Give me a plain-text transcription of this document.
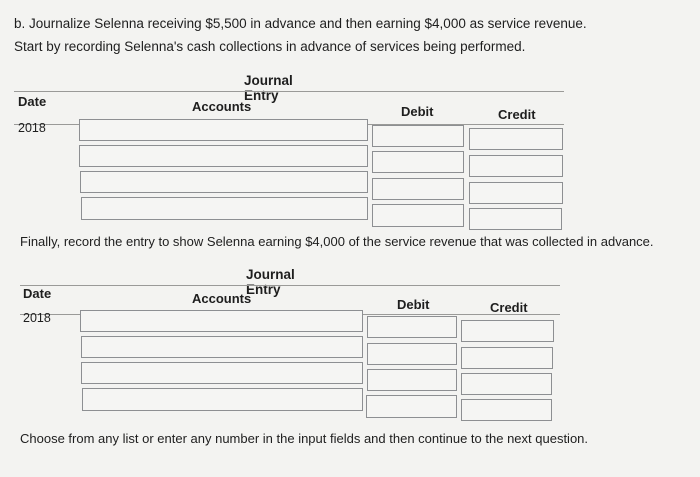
b. Journalize Selenna receiving $5,500 in advance and then earning $4,000 as service revenue.
Start by recording Selenna's cash collections in advance of services being performed.
Journal Entry
Date	Accounts	Debit	Credit
2018
Finally, record the entry to show Selenna earning $4,000 of the service revenue that was collected in advance.
Journal Entry
Date	Accounts	Debit	Credit
2018
Choose from any list or enter any number in the input fields and then continue to the next question.
